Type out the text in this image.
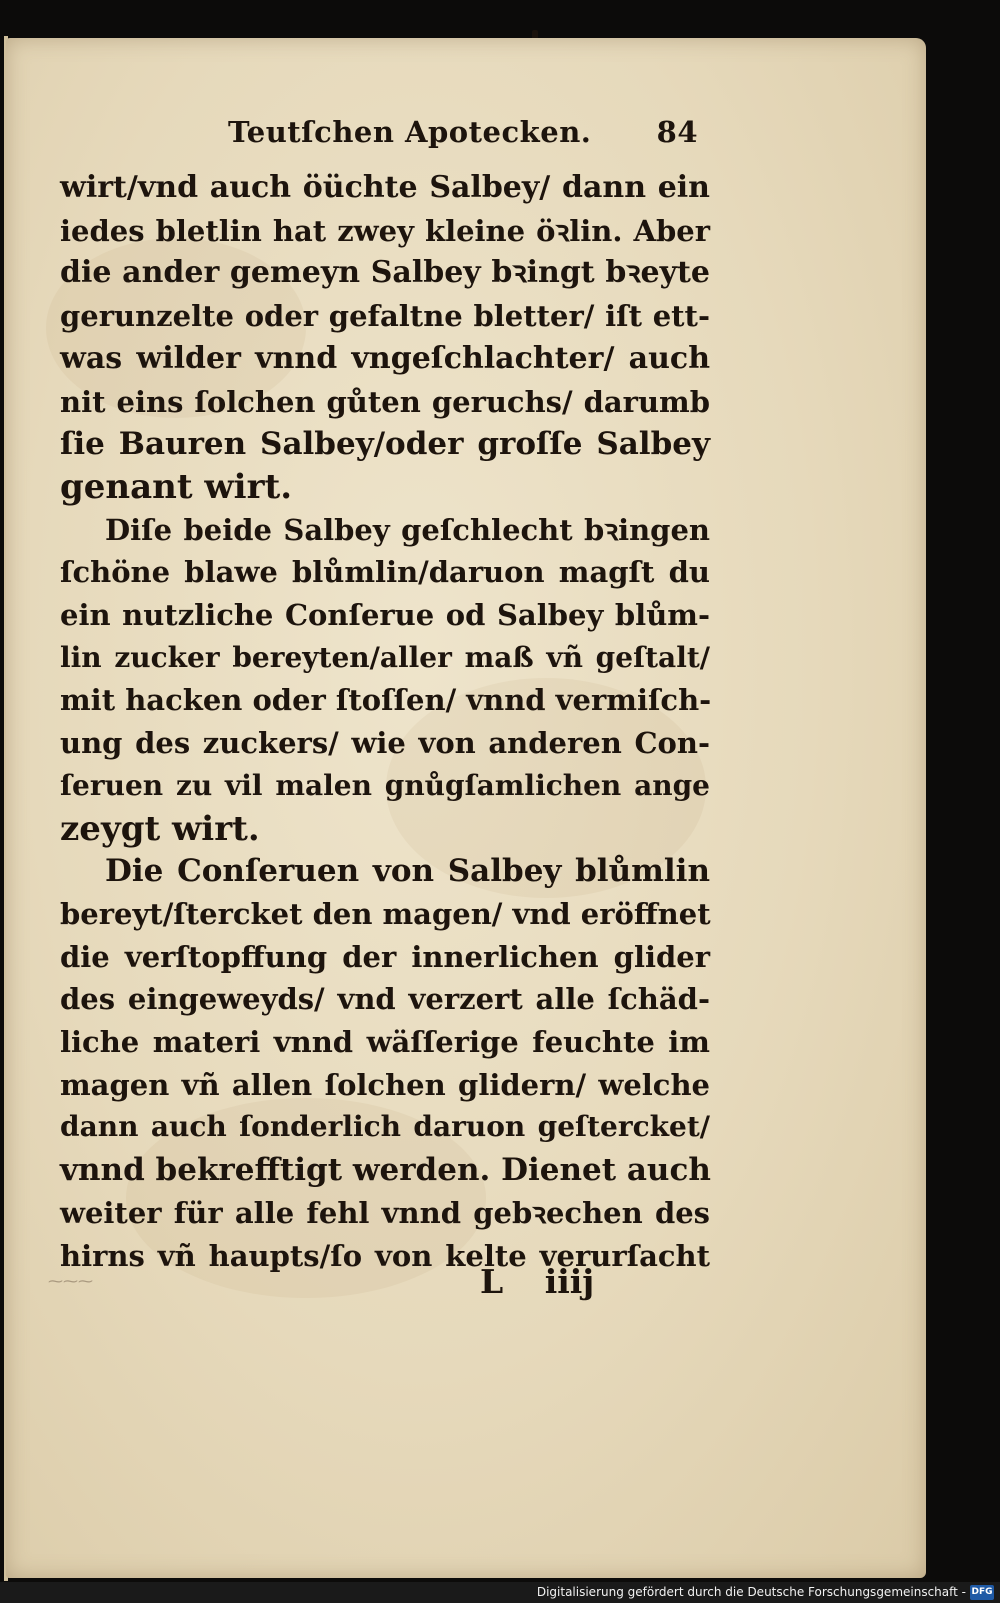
Teutſchen Apotecken. 84
wirt/vnd auch öüchte Salbey/ dann ein
iedes bletlin hat zwey kleine öꝛlin. Aber
die ander gemeyn Salbey bꝛingt bꝛeyte
gerunzelte oder gefaltne bletter/ iſt ett-
was wilder vnnd vngeſchlachter/ auch
nit eins ſolchen gůten geruchs/ darumb
ſie Bauren Salbey/oder groſſe Salbey
genant wirt.
Diſe beide Salbey geſchlecht bꝛingen
ſchöne blawe blůmlin/daruon magſt du
ein nutzliche Conſerue od Salbey blům-
lin zucker bereyten/aller maß vñ geſtalt/
mit hacken oder ſtoſſen/ vnnd vermiſch-
ung des zuckers/ wie von anderen Con-
ſeruen zu vil malen gnůgſamlichen ange
zeygt wirt.
Die Conſeruen von Salbey blůmlin
bereyt/ſtercket den magen/ vnd eröffnet
die verſtopffung der innerlichen glider
des eingeweyds/ vnd verzert alle ſchäd-
liche materi vnnd wäſſerige feuchte im
magen vñ allen ſolchen glidern/ welche
dann auch ſonderlich daruon geſtercket/
vnnd bekrefftigt werden. Dienet auch
weiter für alle fehl vnnd gebꝛechen des
hirns vñ haupts/ſo von kelte verurſacht
⁓⁓⁓	L iiij
Digitalisierung gefördert durch die Deutsche Forschungsgemeinschaft - DFG
